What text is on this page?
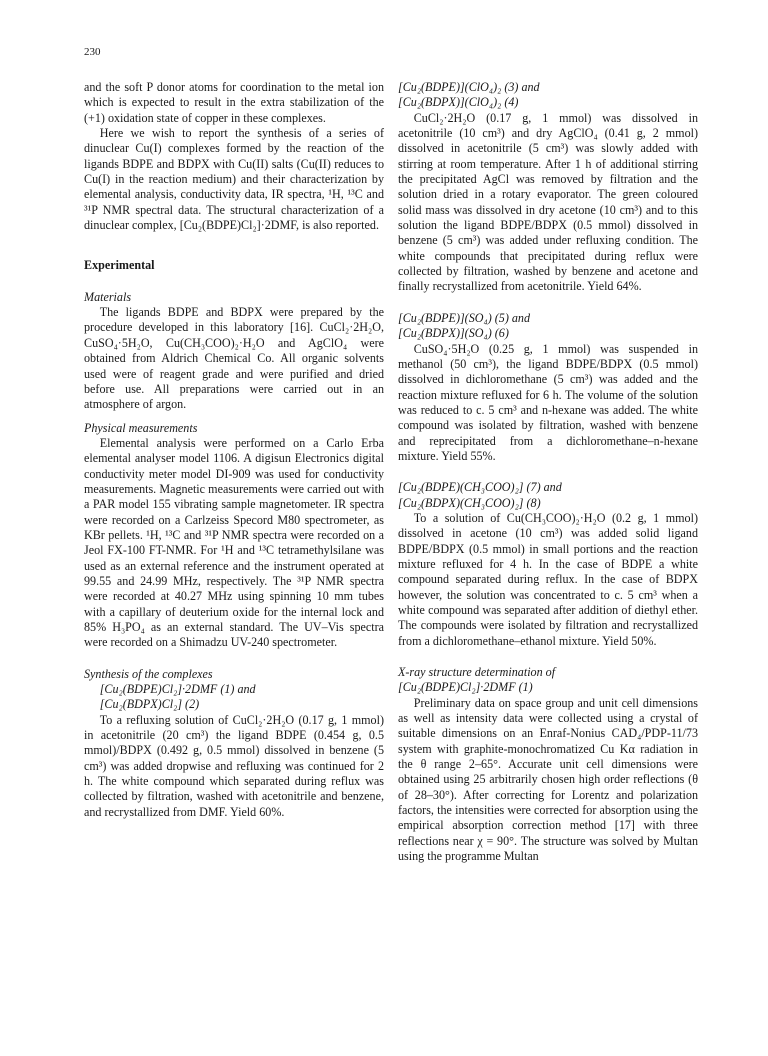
230

and the soft P donor atoms for coordination to the metal ion which is expected to result in the extra stabilization of the (+1) oxidation state of copper in these complexes.

Here we wish to report the synthesis of a series of dinuclear Cu(I) complexes formed by the reaction of the ligands BDPE and BDPX with Cu(II) salts (Cu(II) reduces to Cu(I) in the reaction medium) and their characterization by elemental analysis, conductivity data, IR spectra, ¹H, ¹³C and ³¹P NMR spectral data. The structural characterization of a dinuclear complex, [Cu₂(BDPE)Cl₂]·2DMF, is also reported.

Experimental
Materials

The ligands BDPE and BDPX were prepared by the procedure developed in this laboratory [16]. CuCl₂·2H₂O, CuSO₄·5H₂O, Cu(CH₃COO)₂·H₂O and AgClO₄ were obtained from Aldrich Chemical Co. All organic solvents used were of reagent grade and were purified and dried before use. All preparations were carried out in an atmosphere of argon.

Physical measurements

Elemental analysis were performed on a Carlo Erba elemental analyser model 1106. A digisun Electronics digital conductivity meter model DI-909 was used for conductivity measurements. Magnetic measurements were carried out with a PAR model 155 vibrating sample magnetometer. IR spectra were recorded on a Carlzeiss Specord M80 spectrometer, as KBr pellets. ¹H, ¹³C and ³¹P NMR spectra were recorded on a Jeol FX-100 FT-NMR. For ¹H and ¹³C tetramethylsilane was used as an external reference and the instrument operated at 99.55 and 24.99 MHz, respectively. The ³¹P NMR spectra were recorded at 40.27 MHz using spinning 10 mm tubes with a capillary of deuterium oxide for the internal lock and 85% H₃PO₄ as an external standard. The UV–Vis spectra were recorded on a Shimadzu UV-240 spectrometer.

Synthesis of the complexes
[Cu₂(BDPE)Cl₂]·2DMF (1) and
[Cu₂(BDPX)Cl₂] (2)

To a refluxing solution of CuCl₂·2H₂O (0.17 g, 1 mmol) in acetonitrile (20 cm³) the ligand BDPE (0.454 g, 0.5 mmol)/BDPX (0.492 g, 0.5 mmol) dissolved in benzene (5 cm³) was added dropwise and refluxing was continued for 2 h. The white compound which separated during reflux was collected by filtration, washed with acetonitrile and benzene, and recrystallized from DMF. Yield 60%.

[Cu₂(BDPE)](ClO₄)₂ (3) and
[Cu₂(BDPX)](ClO₄)₂ (4)

CuCl₂·2H₂O (0.17 g, 1 mmol) was dissolved in acetonitrile (10 cm³) and dry AgClO₄ (0.41 g, 2 mmol) dissolved in acetonitrile (5 cm³) was slowly added with stirring at room temperature. After 1 h of additional stirring the precipitated AgCl was removed by filtration and the solution dried in a rotary evaporator. The green coloured solid mass was dissolved in dry acetone (10 cm³) and to this solution the ligand BDPE/BDPX (0.5 mmol) dissolved in benzene (5 cm³) was added under refluxing condition. The white compounds that precipitated during reflux were collected by filtration, washed by benzene and acetone and finally recrystallized from acetonitrile. Yield 64%.

[Cu₂(BDPE)](SO₄) (5) and
[Cu₂(BDPX)](SO₄) (6)

CuSO₄·5H₂O (0.25 g, 1 mmol) was suspended in methanol (50 cm³), the ligand BDPE/BDPX (0.5 mmol) dissolved in dichloromethane (5 cm³) was added and the reaction mixture refluxed for 6 h. The volume of the solution was reduced to c. 5 cm³ and n-hexane was added. The white compound was isolated by filtration, washed with benzene and reprecipitated from a dichloromethane–n-hexane mixture. Yield 55%.

[Cu₂(BDPE)(CH₃COO)₂] (7) and
[Cu₂(BDPX)(CH₃COO)₂] (8)

To a solution of Cu(CH₃COO)₂·H₂O (0.2 g, 1 mmol) dissolved in acetone (10 cm³) was added solid ligand BDPE/BDPX (0.5 mmol) in small portions and the reaction mixture refluxed for 4 h. In the case of BDPE a white compound separated during reflux. In the case of BDPX however, the solution was concentrated to c. 5 cm³ when a white compound was separated after addition of diethyl ether. The compounds were isolated by filtration and recrystallized from a dichloromethane–ethanol mixture. Yield 50%.

X-ray structure determination of
[Cu₂(BDPE)Cl₂]·2DMF (1)

Preliminary data on space group and unit cell dimensions as well as intensity data were collected using a crystal of suitable dimensions on an Enraf-Nonius CAD₄/PDP-11/73 system with graphite-monochromatized Cu Kα radiation in the θ range 2–65°. Accurate unit cell dimensions were obtained using 25 arbitrarily chosen high order reflections (θ of 28–30°). After correcting for Lorentz and polarization factors, the intensities were corrected for absorption using the empirical absorption correction method [17] with three reflections near χ = 90°. The structure was solved by Multan using the programme Multan
